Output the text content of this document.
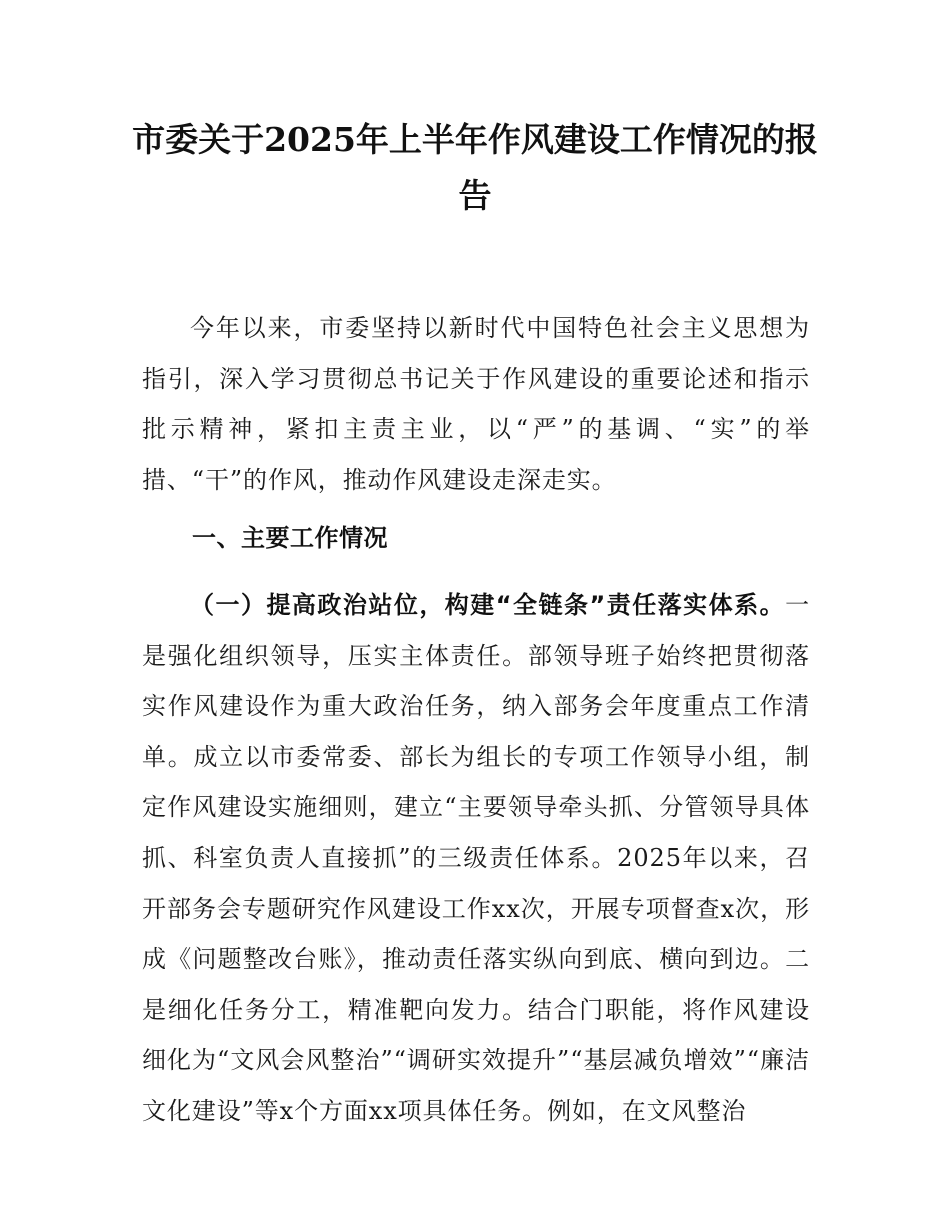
市委关于2025年上半年作风建设工作情况的报告
今年以来，市委坚持以新时代中国特色社会主义思想为指引，深入学习贯彻总书记关于作风建设的重要论述和指示批示精神，紧扣主责主业，以“严”的基调、“实”的举措、“干”的作风，推动作风建设走深走实。
一、主要工作情况
（一）提高政治站位，构建“全链条”责任落实体系。一是强化组织领导，压实主体责任。部领导班子始终把贯彻落实作风建设作为重大政治任务，纳入部务会年度重点工作清单。成立以市委常委、部长为组长的专项工作领导小组，制定作风建设实施细则，建立“主要领导牵头抓、分管领导具体抓、科室负责人直接抓”的三级责任体系。2025年以来，召开部务会专题研究作风建设工作xx次，开展专项督查x次，形成《问题整改台账》，推动责任落实纵向到底、横向到边。二是细化任务分工，精准靶向发力。结合门职能，将作风建设细化为“文风会风整治”“调研实效提升”“基层减负增效”“廉洁文化建设”等x个方面xx项具体任务。例如，在文风整治
